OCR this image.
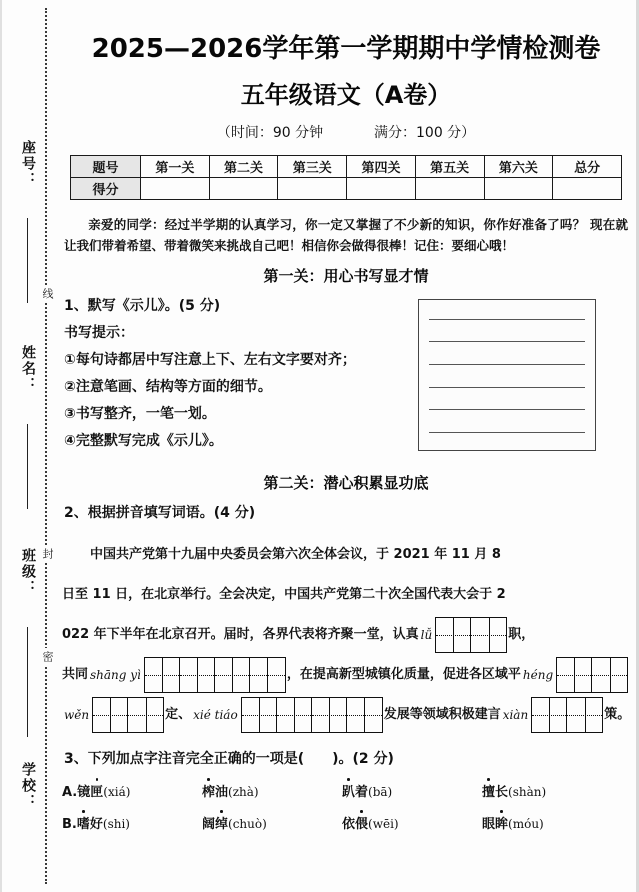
线
封
密
座号：
姓名：
班级：
学校：
2025—2026学年第一学期期中学情检测卷
五年级语文（A卷）
（时间：90 分钟	满分：100 分）
题号	第一关	第二关	第三关	第四关	第五关	第六关	总分
得分							
亲爱的同学：经过半学期的认真学习，你一定又掌握了不少新的知识，你作好准备了吗？ 现在就让我们带着希望、带着微笑来挑战自己吧！相信你会做得很棒！记住：要细心哦！
第一关：用心书写显才情
1、默写《示儿》。(5 分)
书写提示：
①每句诗都居中写注意上下、左右文字要对齐；
②注意笔画、结构等方面的细节。
③书写整齐，一笔一划。
④完整默写完成《示儿》。
第二关：潜心积累显功底
2、根据拼音填写词语。(4 分)
中国共产党第十九届中央委员会第六次全体会议，于 2021 年 11 月 8
日至 11 日，在北京举行。全会决定，中国共产党第二十次全国代表大会于 2
022 年下半年在北京召开。届时，各界代表将齐聚一堂，认真 lǚ	职，
共同 shāng yì	，在提高新型城镇化质量，促进各区域平 héng
wěn	定、 xié tiáo	发展等领域积极建言 xiàn	策。
3、下列加点字注音完全正确的一项是(　　)。(2 分)
A.镜匣(xiá)	榨油(zhà)	趴着(bā)	擅长(shàn)
B.嗜好(shi)	阔绰(chuò)	依偎(wēi)	眼眸(móu)
